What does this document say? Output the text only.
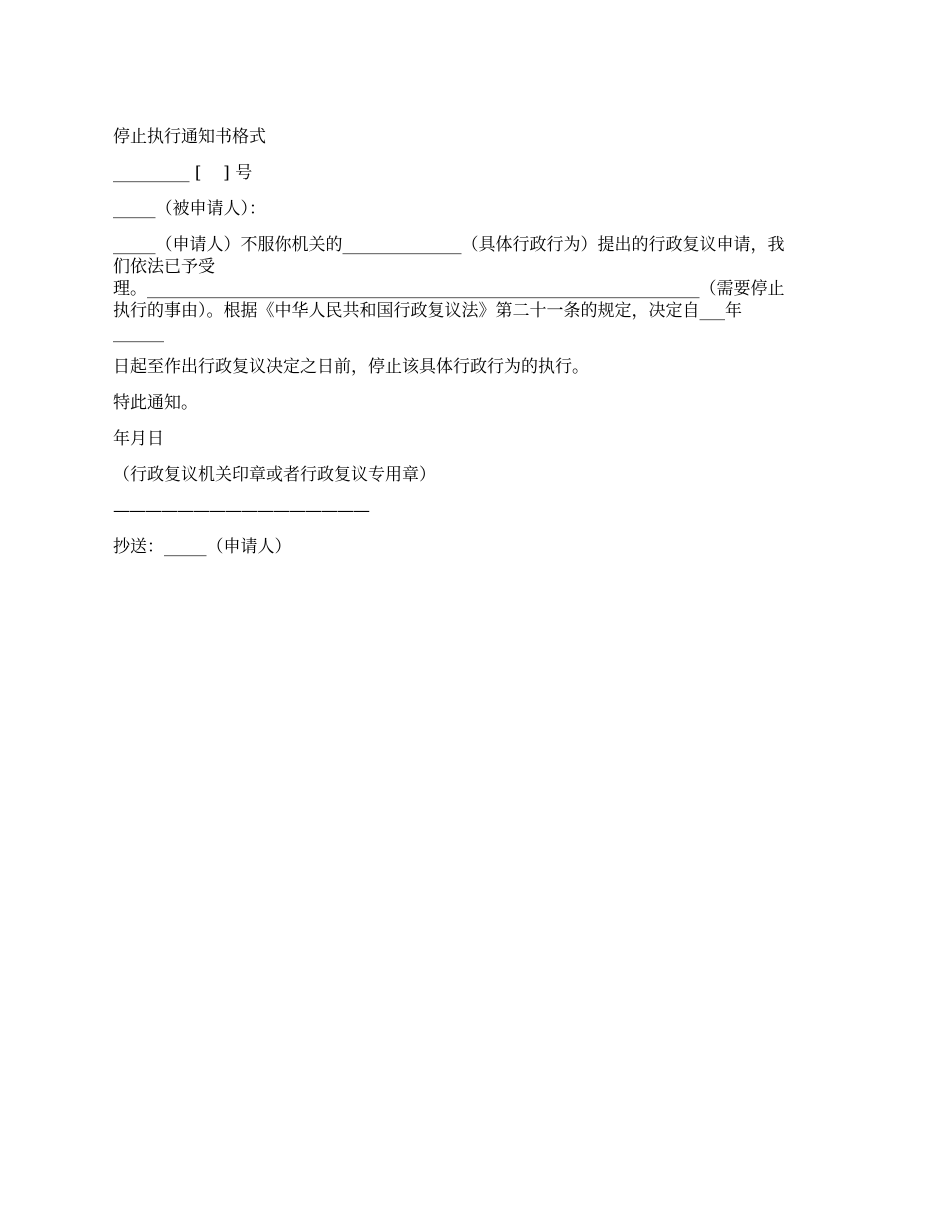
停止执行通知书格式
_________ [    ] 号
_____（被申请人）：
_____（申请人）不服你机关的______________（具体行政行为）提出的行政复议申请，我
们依法已予受
理。_________________________________________________________________（需要停止
执行的事由）。根据《中华人民共和国行政复议法》第二十一条的规定，决定自___年
______
日起至作出行政复议决定之日前，停止该具体行政行为的执行。
特此通知。
年月日
（行政复议机关印章或者行政复议专用章）
————————————————
抄送：_____（申请人）
